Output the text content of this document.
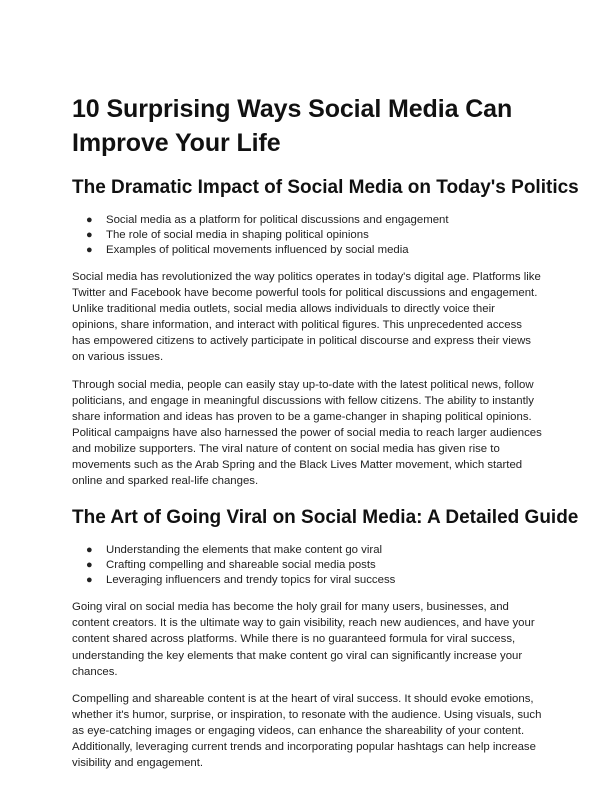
10 Surprising Ways Social Media Can Improve Your Life
The Dramatic Impact of Social Media on Today's Politics
● Social media as a platform for political discussions and engagement
● The role of social media in shaping political opinions
● Examples of political movements influenced by social media

Social media has revolutionized the way politics operates in today's digital age. Platforms like Twitter and Facebook have become powerful tools for political discussions and engagement. Unlike traditional media outlets, social media allows individuals to directly voice their opinions, share information, and interact with political figures. This unprecedented access has empowered citizens to actively participate in political discourse and express their views on various issues.

Through social media, people can easily stay up-to-date with the latest political news, follow politicians, and engage in meaningful discussions with fellow citizens. The ability to instantly share information and ideas has proven to be a game-changer in shaping political opinions. Political campaigns have also harnessed the power of social media to reach larger audiences and mobilize supporters. The viral nature of content on social media has given rise to movements such as the Arab Spring and the Black Lives Matter movement, which started online and sparked real-life changes.

The Art of Going Viral on Social Media: A Detailed Guide
● Understanding the elements that make content go viral
● Crafting compelling and shareable social media posts
● Leveraging influencers and trendy topics for viral success

Going viral on social media has become the holy grail for many users, businesses, and content creators. It is the ultimate way to gain visibility, reach new audiences, and have your content shared across platforms. While there is no guaranteed formula for viral success, understanding the key elements that make content go viral can significantly increase your chances.

Compelling and shareable content is at the heart of viral success. It should evoke emotions, whether it's humor, surprise, or inspiration, to resonate with the audience. Using visuals, such as eye-catching images or engaging videos, can enhance the shareability of your content. Additionally, leveraging current trends and incorporating popular hashtags can help increase visibility and engagement.
